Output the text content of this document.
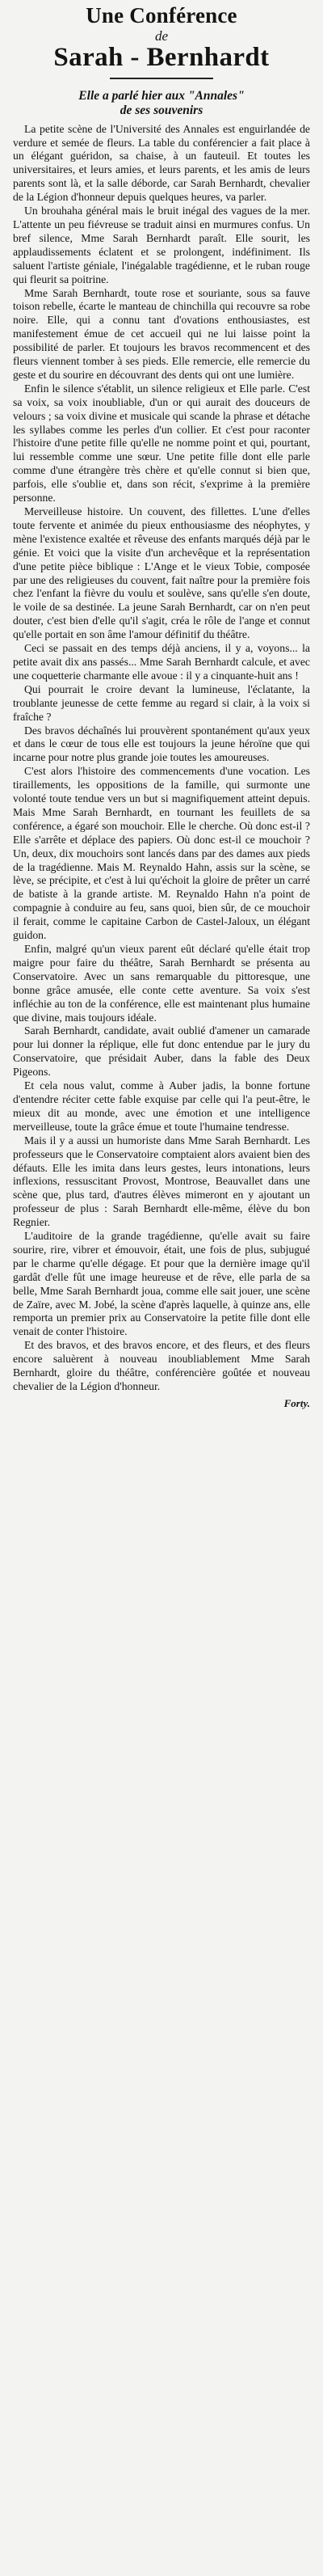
Une Conférence
de
Sarah - Bernhardt
Elle a parlé hier aux "Annales"
de ses souvenirs

La petite scène de l'Université des Annales est enguirlandée de verdure et semée de fleurs. La table du conférencier a fait place à un élégant guéridon, sa chaise, à un fauteuil. Et toutes les universitaires, et leurs amies, et leurs parents, et les amis de leurs parents sont là, et la salle déborde, car Sarah Bernhardt, chevalier de la Légion d'honneur depuis quelques heures, va parler.

Un brouhaha général mais le bruit inégal des vagues de la mer. L'attente un peu fiévreuse se traduit ainsi en murmures confus. Un bref silence, Mme Sarah Bernhardt paraît. Elle sourit, les applaudissements éclatent et se prolongent, indéfiniment. Ils saluent l'artiste géniale, l'inégalable tragédienne, et le ruban rouge qui fleurit sa poitrine.

Mme Sarah Bernhardt, toute rose et souriante, sous sa fauve toison rebelle, écarte le manteau de chinchilla qui recouvre sa robe noire. Elle, qui a connu tant d'ovations enthousiastes, est manifestement émue de cet accueil qui ne lui laisse point la possibilité de parler. Et toujours les bravos recommencent et des fleurs viennent tomber à ses pieds. Elle remercie, elle remercie du geste et du sourire en découvrant des dents qui ont une lumière.

Enfin le silence s'établit, un silence religieux et Elle parle. C'est sa voix, sa voix inoubliable, d'un or qui aurait des douceurs de velours ; sa voix divine et musicale qui scande la phrase et détache les syllabes comme les perles d'un collier. Et c'est pour raconter l'histoire d'une petite fille qu'elle ne nomme point et qui, pourtant, lui ressemble comme une sœur. Une petite fille dont elle parle comme d'une étrangère très chère et qu'elle connut si bien que, parfois, elle s'oublie et, dans son récit, s'exprime à la première personne.

Merveilleuse histoire. Un couvent, des fillettes. L'une d'elles toute fervente et animée du pieux enthousiasme des néophytes, y mène l'existence exaltée et rêveuse des enfants marqués déjà par le génie. Et voici que la visite d'un archevêque et la représentation d'une petite pièce biblique : L'Ange et le vieux Tobie, composée par une des religieuses du couvent, fait naître pour la première fois chez l'enfant la fièvre du voulu et soulève, sans qu'elle s'en doute, le voile de sa destinée. La jeune Sarah Bernhardt, car on n'en peut douter, c'est bien d'elle qu'il s'agit, créa le rôle de l'ange et connut qu'elle portait en son âme l'amour définitif du théâtre.

Ceci se passait en des temps déjà anciens, il y a, voyons... la petite avait dix ans passés... Mme Sarah Bernhardt calcule, et avec une coquetterie charmante elle avoue : il y a cinquante-huit ans !

Qui pourrait le croire devant la lumineuse, l'éclatante, la troublante jeunesse de cette femme au regard si clair, à la voix si fraîche ?

Des bravos déchaînés lui prouvèrent spontanément qu'aux yeux et dans le cœur de tous elle est toujours la jeune héroïne que qui incarne pour notre plus grande joie toutes les amoureuses.

C'est alors l'histoire des commencements d'une vocation. Les tiraillements, les oppositions de la famille, qui surmonte une volonté toute tendue vers un but si magnifiquement atteint depuis. Mais Mme Sarah Bernhardt, en tournant les feuillets de sa conférence, a égaré son mouchoir. Elle le cherche. Où donc est-il ? Elle s'arrête et déplace des papiers. Où donc est-il ce mouchoir ? Un, deux, dix mouchoirs sont lancés dans par des dames aux pieds de la tragédienne. Mais M. Reynaldo Hahn, assis sur la scène, se lève, se précipite, et c'est à lui qu'échoit la gloire de prêter un carré de batiste à la grande artiste. M. Reynaldo Hahn n'a point de compagnie à conduire au feu, sans quoi, bien sûr, de ce mouchoir il ferait, comme le capitaine Carbon de Castel-Jaloux, un élégant guidon.

Enfin, malgré qu'un vieux parent eût déclaré qu'elle était trop maigre pour faire du théâtre, Sarah Bernhardt se présenta au Conservatoire. Avec un sans remarquable du pittoresque, une bonne grâce amusée, elle conte cette aventure. Sa voix s'est infléchie au ton de la conférence, elle est maintenant plus humaine que divine, mais toujours idéale.

Sarah Bernhardt, candidate, avait oublié d'amener un camarade pour lui donner la réplique, elle fut donc entendue par le jury du Conservatoire, que présidait Auber, dans la fable des Deux Pigeons.

Et cela nous valut, comme à Auber jadis, la bonne fortune d'entendre réciter cette fable exquise par celle qui l'a peut-être, le mieux dit au monde, avec une émotion et une intelligence merveilleuse, toute la grâce émue et toute l'humaine tendresse.

Mais il y a aussi un humoriste dans Mme Sarah Bernhardt. Les professeurs que le Conservatoire comptaient alors avaient bien des défauts. Elle les imita dans leurs gestes, leurs intonations, leurs inflexions, ressuscitant Provost, Montrose, Beauvallet dans une scène que, plus tard, d'autres élèves mimeront en y ajoutant un professeur de plus : Sarah Bernhardt elle-même, élève du bon Regnier.

L'auditoire de la grande tragédienne, qu'elle avait su faire sourire, rire, vibrer et émouvoir, était, une fois de plus, subjugué par le charme qu'elle dégage. Et pour que la dernière image qu'il gardât d'elle fût une image heureuse et de rêve, elle parla de sa belle, Mme Sarah Bernhardt joua, comme elle sait jouer, une scène de Zaïre, avec M. Jobé, la scène d'après laquelle, à quinze ans, elle remporta un premier prix au Conservatoire la petite fille dont elle venait de conter l'histoire.

Et des bravos, et des bravos encore, et des fleurs, et des fleurs encore saluèrent à nouveau inoubliablement Mme Sarah Bernhardt, gloire du théâtre, conférencière goûtée et nouveau chevalier de la Légion d'honneur.

Forty.
